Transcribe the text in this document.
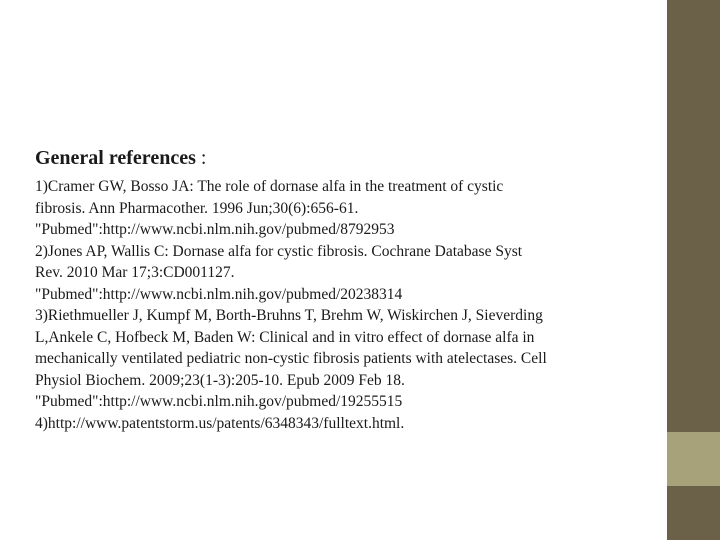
General references :
1)Cramer GW, Bosso JA: The role of dornase alfa in the treatment of cystic
fibrosis. Ann Pharmacother. 1996 Jun;30(6):656-61.
"Pubmed":http://www.ncbi.nlm.nih.gov/pubmed/8792953
2)Jones AP, Wallis C: Dornase alfa for cystic fibrosis. Cochrane Database Syst
Rev. 2010 Mar 17;3:CD001127.
"Pubmed":http://www.ncbi.nlm.nih.gov/pubmed/20238314
3)Riethmueller J, Kumpf M, Borth-Bruhns T, Brehm W, Wiskirchen J, Sieverding
L,Ankele C, Hofbeck M, Baden W: Clinical and in vitro effect of dornase alfa in
mechanically ventilated pediatric non-cystic fibrosis patients with atelectases. Cell
Physiol Biochem. 2009;23(1-3):205-10. Epub 2009 Feb 18.
"Pubmed":http://www.ncbi.nlm.nih.gov/pubmed/19255515
4)http://www.patentstorm.us/patents/6348343/fulltext.html.
